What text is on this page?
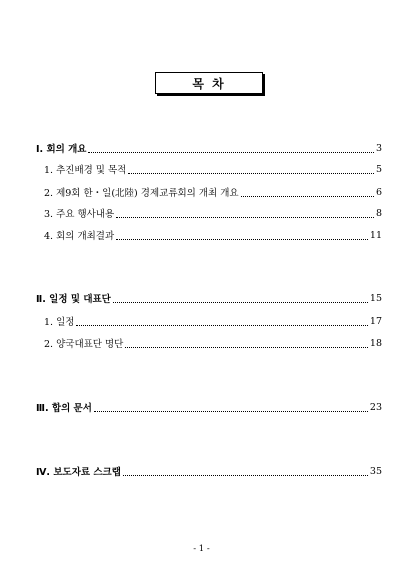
목 차
Ⅰ. 회의 개요	3
1. 추진배경 및 목적	5
2. 제9회 한・일(北陸) 경제교류회의 개최 개요	6
3. 주요 행사내용	8
4. 회의 개최결과	11
Ⅱ. 일정 및 대표단	15
1. 일정	17
2. 양국대표단 명단	18
Ⅲ. 합의 문서	23
Ⅳ. 보도자료 스크랩	35
- 1 -
